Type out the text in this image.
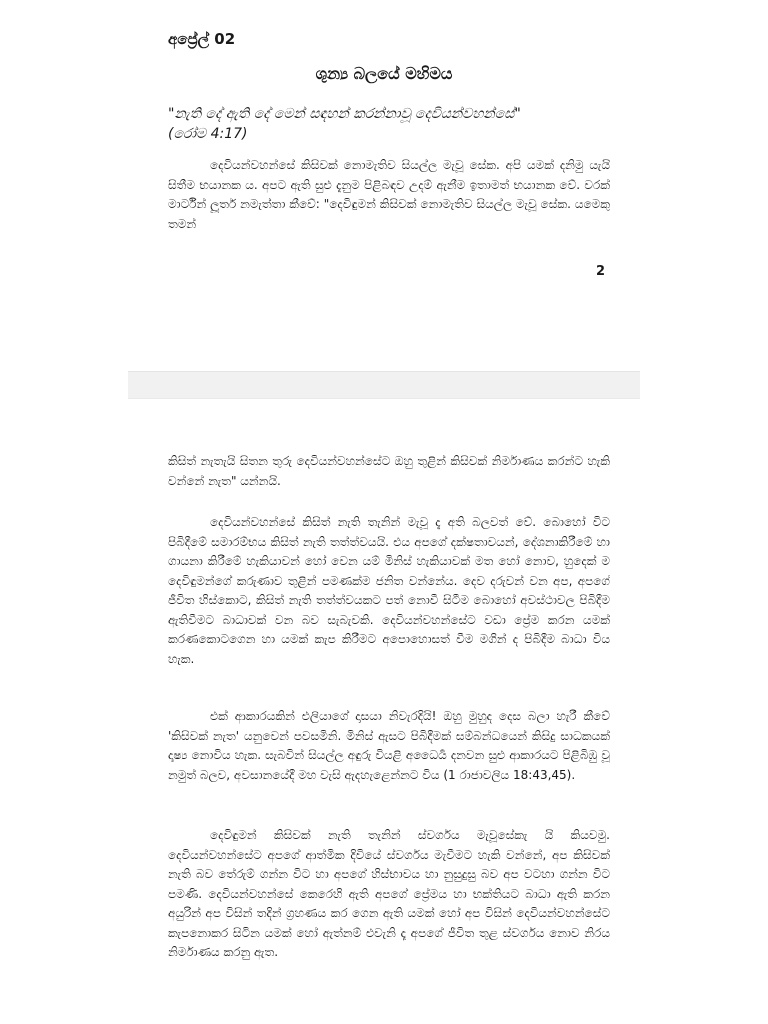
අප්‍රේල් 02
ශුන්‍ය බලයේ මහිමය
"නැති දේ ඇති දේ මෙන් සඳහන් කරන්නාවූ දෙවියන්වහන්සේ"
(රෝම 4:17)
දෙවියන්වහන්සේ කිසිවක් නොමැතිව සියල්ල මැවූ සේක. අපි යමක් දනිමු යැයි සිතීම භයානක ය. අපට ඇති සුළු දැනුම පිළිබඳව උදම් ඇනීම ඉතාමත් භයානක වේ. වරක් මාර්ටින් ලූතර් නමැත්තා කීවේ: "දෙවිඳුමන් කිසිවක් නොමැතිව සියල්ල මැවූ සේක. යමෙකු තමන්
2
කිසිත් නැතැයි සිතන තුරු දෙවියන්වහන්සේට ඔහු තුළින් කිසිවක් නිර්මාණය කරන්ට හැකි වන්නේ නැත" යන්නයි.
දෙවියන්වහන්සේ කිසිත් නැති තැනින් මැවූ දැ අති බලවත් වේ. බොහෝ විට පිබිදීමේ සමාරම්භය කිසිත් නැති තත්ත්වයයි. එය අපගේ දක්ෂතාවයන්, දේශනාකිරීමේ හා ගායනා කිරීමේ හැකියාවන් හෝ වෙන යම් මිනිස් හැකියාවක් මත හෝ නොව, හුදෙක් ම දෙවිඳුමන්ගේ කරුණාව තුළින් පමණක්ම ජනිත වන්නේය. දෙව දරුවන් වන අප, අපගේ ජීවිත හිස්කොට, කිසිත් නැති තත්ත්වයකට පත් නොවී සිටීම බොහෝ අවස්ථාවල පිබිදීම ඇතිවීමට බාධාවක් වන බව සැබැවකි. දෙවියන්වහන්සේට වඩා ප්‍රේම කරන යමක් කරණකොටගෙන හා යමක් කැප කිරීමට අපොහොසත් වීම මගින් ද පිබිදීම බාධා විය හැක.
එක් ආකාරයකින් එලියාගේ දාසයා නිවැරදියි! ඔහු මුහුද දෙස බලා හැරී කීවේ 'කිසිවක් නැත' යනුවෙන් පවසමිනි. මිනිස් ඇසට පිබිදීමක් සම්බන්ධයෙන් කිසිදු සාධකයක් දෘෂ්‍ය නොවිය හැක. සැබවින් සියල්ල අඳුරු වියළි අධෛර්‍ය දනවන සුළු ආකාරයට පිළිබිඹු වූ නමුත් බලව, අවසානයේදී මහ වැසි ඇදහැළෙන්නට විය (1 රාජාවලිය 18:43,45).
දෙවිඳුමන් කිසිවක් නැති තැනින් ස්වර්ගය මැවූසේකැ යි කියවමු. දෙවියන්වහන්සේට අපගේ ආත්මික දිවියේ ස්වර්ගය මැවීමට හැකි වන්නේ, අප කිසිවක් නැති බව තේරුම් ගන්න විට හා අපගේ හිස්භාවය හා නුසුදුසු බව අප වටහා ගන්න විට පමණි. දෙවියන්වහන්සේ කෙරෙහි ඇති අපගේ ප්‍රේමය හා භක්තියට බාධා ඇති කරන අයුරින් අප විසින් තදින් ග්‍රහණය කර ගෙන ඇති යමක් හෝ අප විසින් දෙවියන්වහන්සේට කැපනොකර සිටින යමක් හෝ ඇත්නම් එවැනි දෑ අපගේ ජීවිත තුළ ස්වර්ගය නොව නිරය නිර්මාණය කරනු ඇත.
